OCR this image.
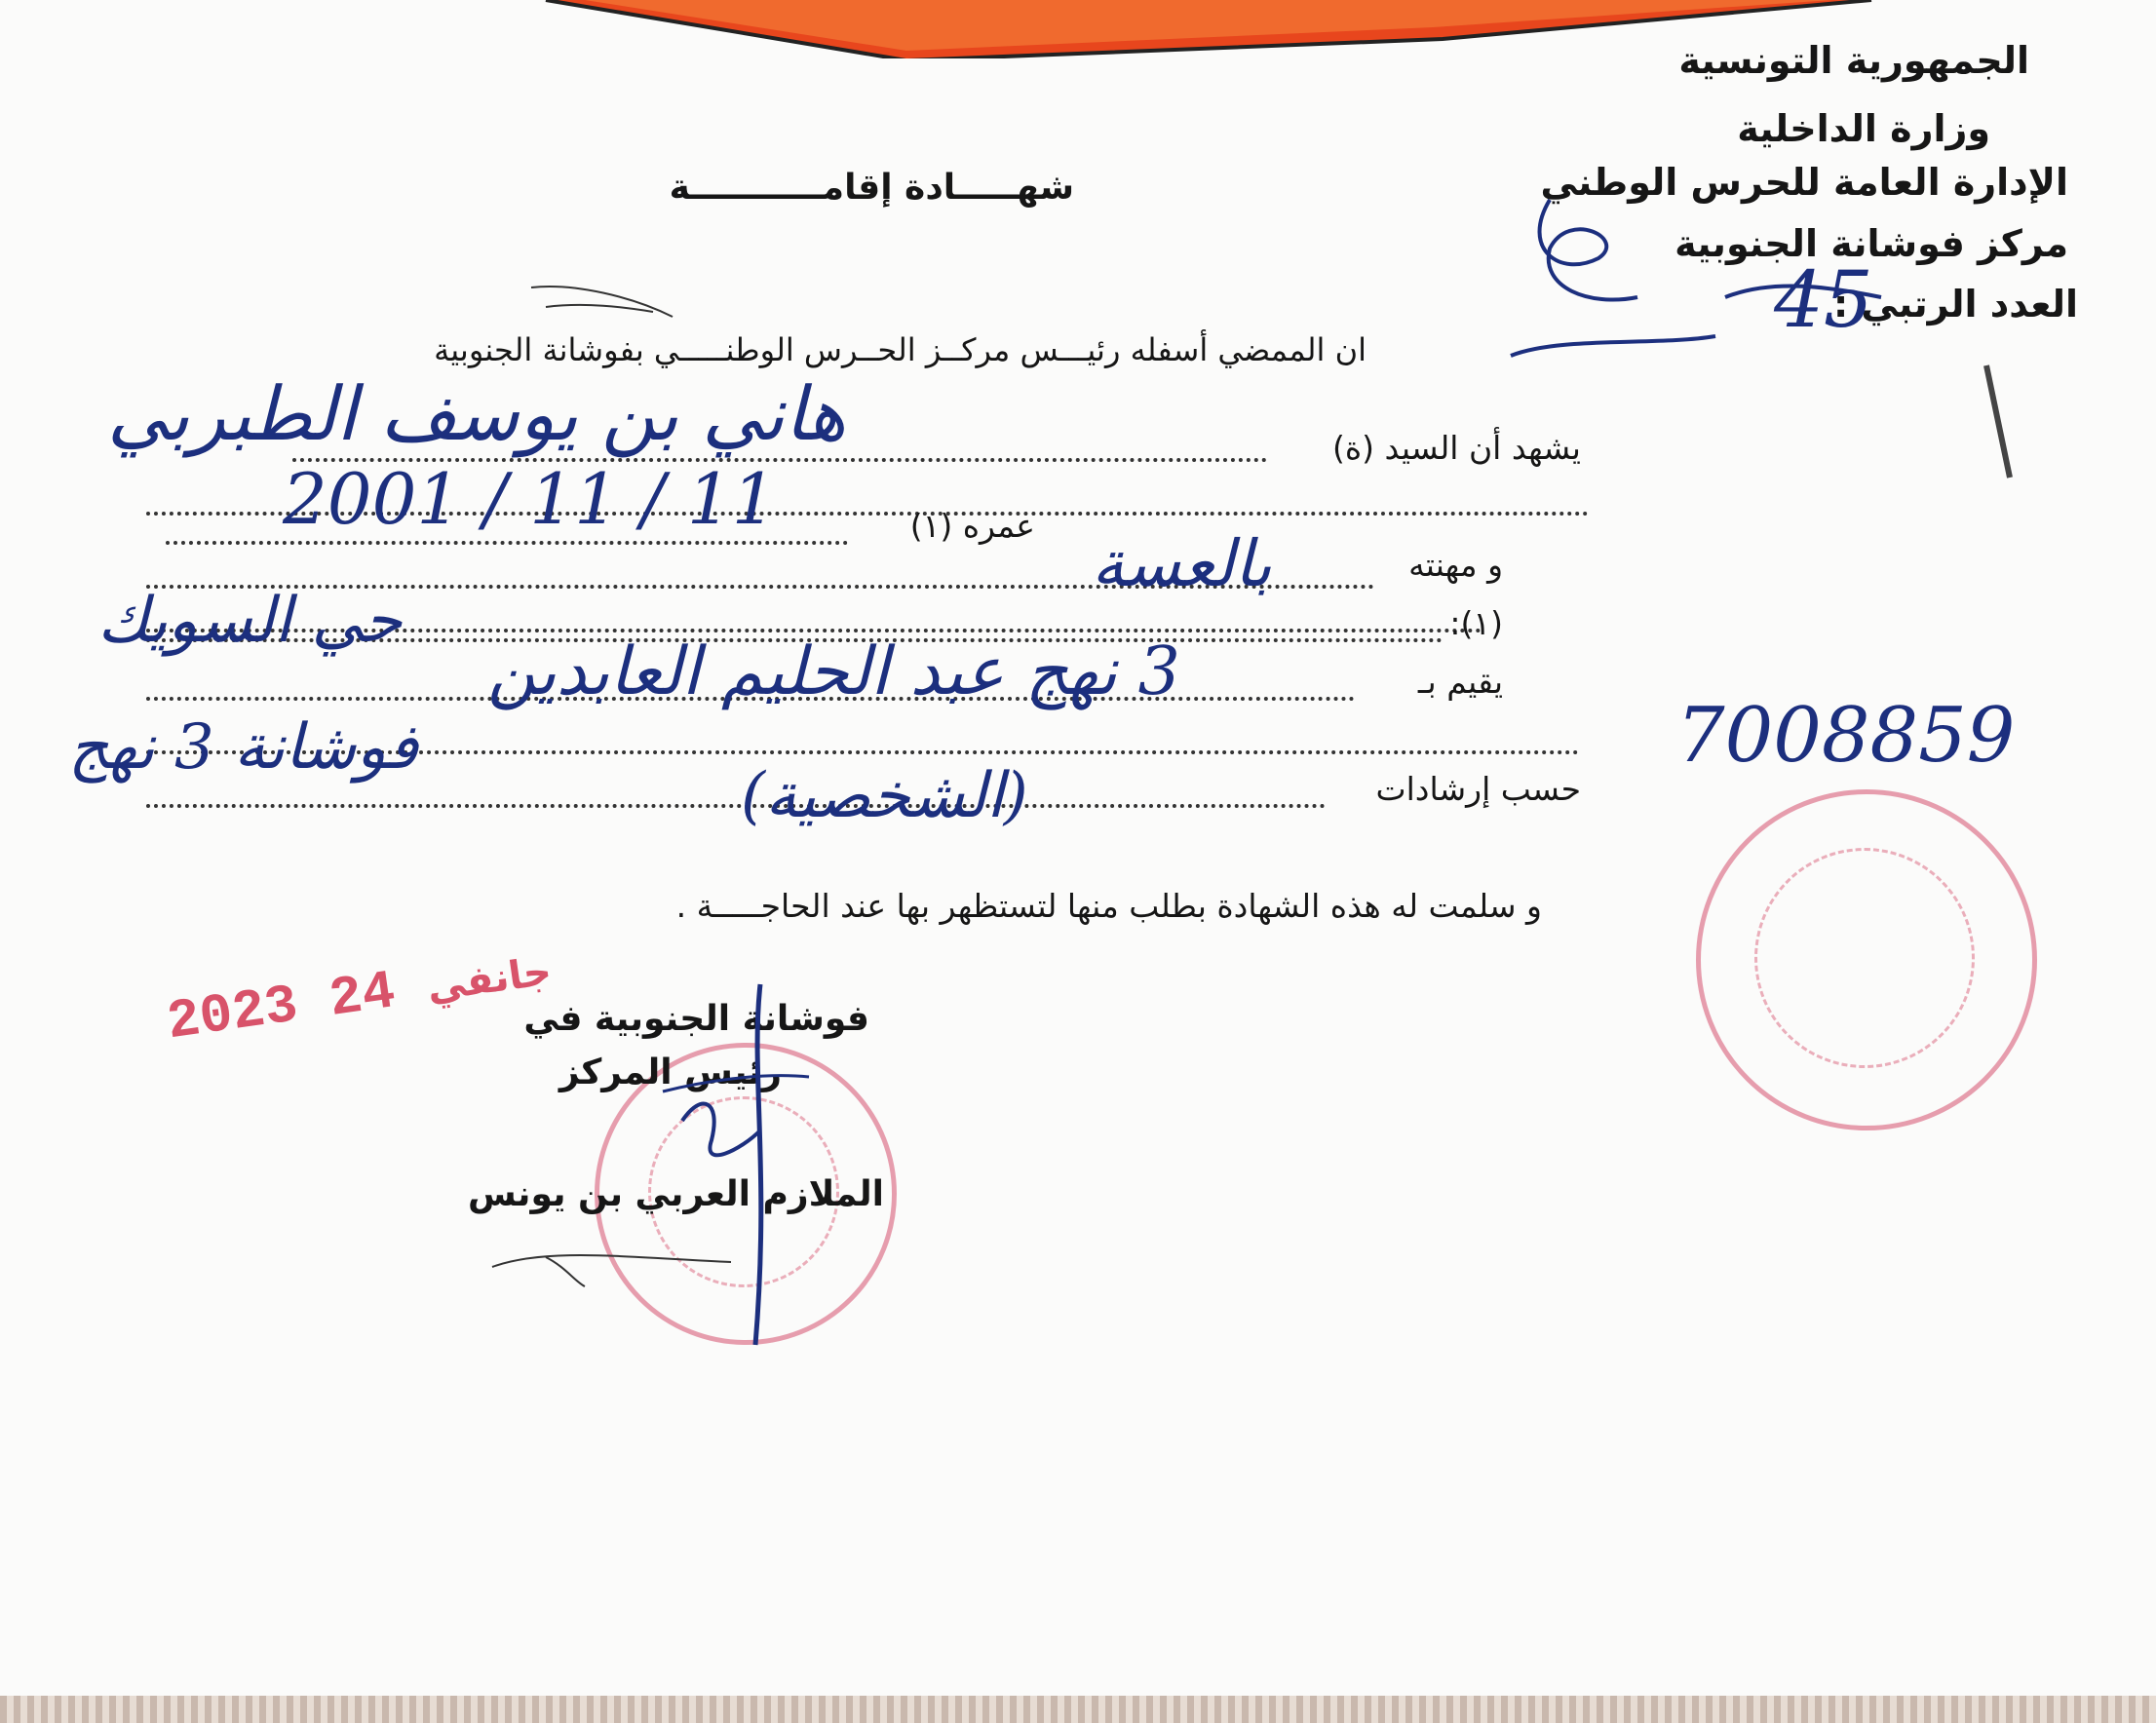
الجمهورية التونسية
وزارة الداخلية
الإدارة العامة للحرس الوطني
مركز فوشانة الجنوبية
العدد الرتبي :
45
شهـــــادة إقامـــــــــــة
ان الممضي أسفله رئيـــس مركــز الحــرس الوطنـــــي بفوشانة الجنوبية
يشهد أن السيد (ة)
عمره (١)
و مهنته
(١):
يقيم بـ
حسب إرشادات
و سلمت له هذه الشهادة بطلب منها لتستظهر بها عند الحاجـــــة .
هاني بن يوسف الطبربي
2001 / 11 / 11
بالعسة
حي السويك
3 نهج عبد الحليم العابدين
فوشانة 3 نهج
(الشخصية)
7008859
2023	جانفي 24	فوشانة الجنوبية في
رئيس المركز
الملازم العربي بن يونس
